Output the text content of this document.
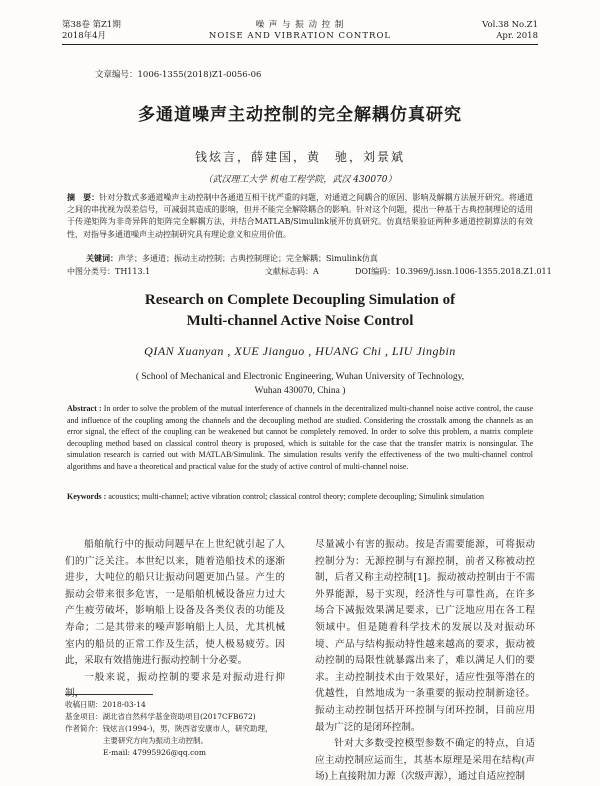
第38卷 第Z1期
2018年4月
噪 声 与 振 动 控 制
NOISE AND VIBRATION CONTROL
Vol.38 No.Z1
Apr. 2018
文章编号：1006-1355(2018)Z1-0056-06
多通道噪声主动控制的完全解耦仿真研究
钱炫言，薛建国，黄　驰，刘景斌
（武汉理工大学 机电工程学院，武汉 430070）
摘　要：针对分数式多通道噪声主动控制中各通道互相干扰严重的问题，对通道之间耦合的原因、影响及解耦方法展开研究。将通道之间的串扰视为误差信号，可减弱其造成的影响，但并不能完全解除耦合的影响。针对这个问题，提出一种基于古典控制理论的适用于传递矩阵为非奇异阵的矩阵完全解耦方法，并结合MATLAB/Simulink展开仿真研究。仿真结果验证两种多通道控制算法的有效性，对指导多通道噪声主动控制研究具有理论意义和应用价值。
关键词：声学；多通道；振动主动控制；古典控制理论；完全解耦；Simulink仿真
中图分类号：TH113.1	文献标志码：A	DOI编码：10.3969/j.issn.1006-1355.2018.Z1.011
Research on Complete Decoupling Simulation of
Multi-channel Active Noise Control
QIAN Xuanyan , XUE Jianguo , HUANG Chi , LIU Jingbin
( School of Mechanical and Electronic Engineering, Wuhan University of Technology,
Wuhan 430070, China )
Abstract : In order to solve the problem of the mutual interference of channels in the decentralized multi-channel noise active control, the cause and influence of the coupling among the channels and the decoupling method are studied. Considering the crosstalk among the channels as an error signal, the effect of the coupling can be weakened but cannot be completely removed. In order to solve this problem, a matrix complete decoupling method based on classical control theory is proposed, which is suitable for the case that the transfer matrix is nonsingular. The simulation research is carried out with MATLAB/Simulink. The simulation results verify the effectiveness of the two multi-channel control algorithms and have a theoretical and practical value for the study of active control of multi-channel noise.
Keywords : acoustics; multi-channel; active vibration control; classical control theory; complete decoupling; Simulink simulation

船舶航行中的振动问题早在上世纪就引起了人们的广泛关注。本世纪以来，随着造船技术的逐渐进步，大吨位的船只让振动问题更加凸显。产生的振动会带来很多危害，一是船舶机械设备应力过大产生疲劳破坏，影响船上设备及各类仪表的功能及寿命；二是其带来的噪声影响船上人员，尤其机械室内的船员的正常工作及生活，使人极易疲劳。因此，采取有效措施进行振动控制十分必要。

一般来说，振动控制的要求是对振动进行抑制，

尽量减小有害的振动。按是否需要能源，可将振动控制分为：无源控制与有源控制，前者又称被动控制，后者又称主动控制[1]。振动被动控制由于不需外界能源，易于实现，经济性与可靠性高，在许多场合下减振效果满足要求，已广泛地应用在各工程领域中。但是随着科学技术的发展以及对振动环境、产品与结构振动特性越来越高的要求，振动被动控制的局限性就暴露出来了，难以满足人们的要求。主动控制技术由于效果好，适应性强等潜在的优越性，自然地成为一条重要的振动控制新途径。振动主动控制包括开环控制与闭环控制，目前应用最为广泛的是闭环控制。

针对大多数受控模型参数不确定的特点，自适应主动控制应运而生，其基本原理是采用在结构(声场)上直接附加力源（次级声源），通过自适应控制

收稿日期：2018-03-14
基金项目：湖北省自然科学基金资助项目(2017CFB672)
作者简介：钱炫言(1994-)，男，陕西省安康市人，研究助理，
主要研究方向为振动主动控制。
E-mail: 47995926@qq.com
